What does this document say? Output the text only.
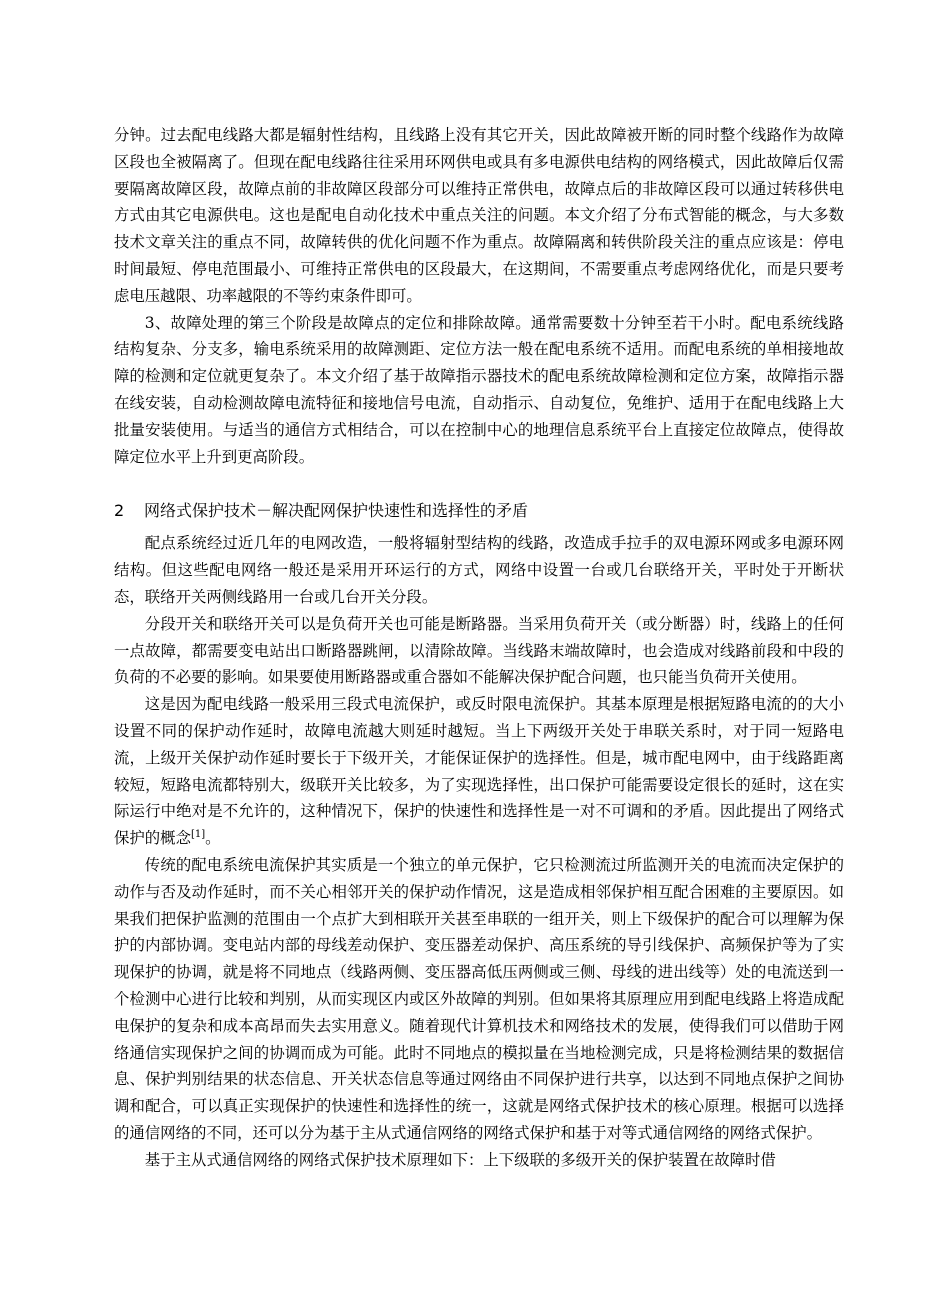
分钟。过去配电线路大都是辐射性结构，且线路上没有其它开关，因此故障被开断的同时整个线路作为故障区段也全被隔离了。但现在配电线路往往采用环网供电或具有多电源供电结构的网络模式，因此故障后仅需要隔离故障区段，故障点前的非故障区段部分可以维持正常供电，故障点后的非故障区段可以通过转移供电方式由其它电源供电。这也是配电自动化技术中重点关注的问题。本文介绍了分布式智能的概念，与大多数技术文章关注的重点不同，故障转供的优化问题不作为重点。故障隔离和转供阶段关注的重点应该是：停电时间最短、停电范围最小、可维持正常供电的区段最大，在这期间，不需要重点考虑网络优化，而是只要考虑电压越限、功率越限的不等约束条件即可。

3、故障处理的第三个阶段是故障点的定位和排除故障。通常需要数十分钟至若干小时。配电系统线路结构复杂、分支多，输电系统采用的故障测距、定位方法一般在配电系统不适用。而配电系统的单相接地故障的检测和定位就更复杂了。本文介绍了基于故障指示器技术的配电系统故障检测和定位方案，故障指示器在线安装，自动检测故障电流特征和接地信号电流，自动指示、自动复位，免维护、适用于在配电线路上大批量安装使用。与适当的通信方式相结合，可以在控制中心的地理信息系统平台上直接定位故障点，使得故障定位水平上升到更高阶段。

2 网络式保护技术－解决配网保护快速性和选择性的矛盾

配点系统经过近几年的电网改造，一般将辐射型结构的线路，改造成手拉手的双电源环网或多电源环网结构。但这些配电网络一般还是采用开环运行的方式，网络中设置一台或几台联络开关，平时处于开断状态，联络开关两侧线路用一台或几台开关分段。

分段开关和联络开关可以是负荷开关也可能是断路器。当采用负荷开关（或分断器）时，线路上的任何一点故障，都需要变电站出口断路器跳闸，以清除故障。当线路末端故障时，也会造成对线路前段和中段的负荷的不必要的影响。如果要使用断路器或重合器如不能解决保护配合问题，也只能当负荷开关使用。

这是因为配电线路一般采用三段式电流保护，或反时限电流保护。其基本原理是根据短路电流的的大小设置不同的保护动作延时，故障电流越大则延时越短。当上下两级开关处于串联关系时，对于同一短路电流，上级开关保护动作延时要长于下级开关，才能保证保护的选择性。但是，城市配电网中，由于线路距离较短，短路电流都特别大，级联开关比较多，为了实现选择性，出口保护可能需要设定很长的延时，这在实际运行中绝对是不允许的，这种情况下，保护的快速性和选择性是一对不可调和的矛盾。因此提出了网络式保护的概念[1]。

传统的配电系统电流保护其实质是一个独立的单元保护，它只检测流过所监测开关的电流而决定保护的动作与否及动作延时，而不关心相邻开关的保护动作情况，这是造成相邻保护相互配合困难的主要原因。如果我们把保护监测的范围由一个点扩大到相联开关甚至串联的一组开关，则上下级保护的配合可以理解为保护的内部协调。变电站内部的母线差动保护、变压器差动保护、高压系统的导引线保护、高频保护等为了实现保护的协调，就是将不同地点（线路两侧、变压器高低压两侧或三侧、母线的进出线等）处的电流送到一个检测中心进行比较和判别，从而实现区内或区外故障的判别。但如果将其原理应用到配电线路上将造成配电保护的复杂和成本高昂而失去实用意义。随着现代计算机技术和网络技术的发展，使得我们可以借助于网络通信实现保护之间的协调而成为可能。此时不同地点的模拟量在当地检测完成，只是将检测结果的数据信息、保护判别结果的状态信息、开关状态信息等通过网络由不同保护进行共享，以达到不同地点保护之间协调和配合，可以真正实现保护的快速性和选择性的统一，这就是网络式保护技术的核心原理。根据可以选择的通信网络的不同，还可以分为基于主从式通信网络的网络式保护和基于对等式通信网络的网络式保护。

基于主从式通信网络的网络式保护技术原理如下：上下级联的多级开关的保护装置在故障时借
